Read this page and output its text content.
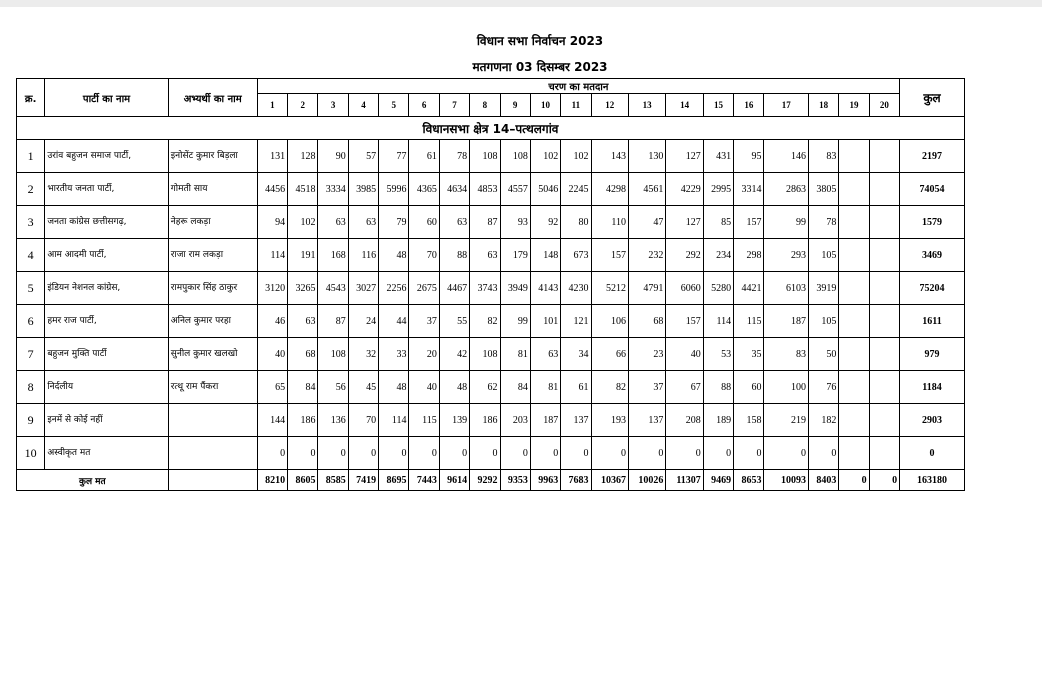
विधान सभा निर्वाचन 2023
मतगणना 03 दिसम्बर 2023
क्र.	पार्टी का नाम	अभ्यर्थी का नाम	चरण का मतदान																				कुल
			1	2	3	4	5	6	7	8	9	10	11	12	13	14	15	16	17	18	19	20	
विधानसभा क्षेत्र 14–पत्थलगांव																							
1	उरांव बहुजन समाज पार्टी,	इनोसेंट कुमार बिड़ला	131	128	90	57	77	61	78	108	108	102	102	143	130	127	431	95	146	83			2197
2	भारतीय जनता पार्टी,	गोमती साय	4456	4518	3334	3985	5996	4365	4634	4853	4557	5046	2245	4298	4561	4229	2995	3314	2863	3805			74054
3	जनता कांग्रेस छत्तीसगढ़,	नेहरू लकड़ा	94	102	63	63	79	60	63	87	93	92	80	110	47	127	85	157	99	78			1579
4	आम आदमी पार्टी,	राजा राम लकड़ा	114	191	168	116	48	70	88	63	179	148	673	157	232	292	234	298	293	105			3469
5	इंडियन नेशनल कांग्रेस,	रामपुकार सिंह ठाकुर	3120	3265	4543	3027	2256	2675	4467	3743	3949	4143	4230	5212	4791	6060	5280	4421	6103	3919			75204
6	हमर राज पार्टी,	अनिल कुमार परहा	46	63	87	24	44	37	55	82	99	101	121	106	68	157	114	115	187	105			1611
7	बहुजन मुक्ति पार्टी	सुनील कुमार खलखो	40	68	108	32	33	20	42	108	81	63	34	66	23	40	53	35	83	50			979
8	निर्दलीय	रत्थू राम पैंकरा	65	84	56	45	48	40	48	62	84	81	61	82	37	67	88	60	100	76			1184
9	इनमें से कोई नहीं		144	186	136	70	114	115	139	186	203	187	137	193	137	208	189	158	219	182			2903
10	अस्वीकृत मत		0	0	0	0	0	0	0	0	0	0	0	0	0	0	0	0	0	0			0
कुल मत			8210	8605	8585	7419	8695	7443	9614	9292	9353	9963	7683	10367	10026	11307	9469	8653	10093	8403	0	0	163180
